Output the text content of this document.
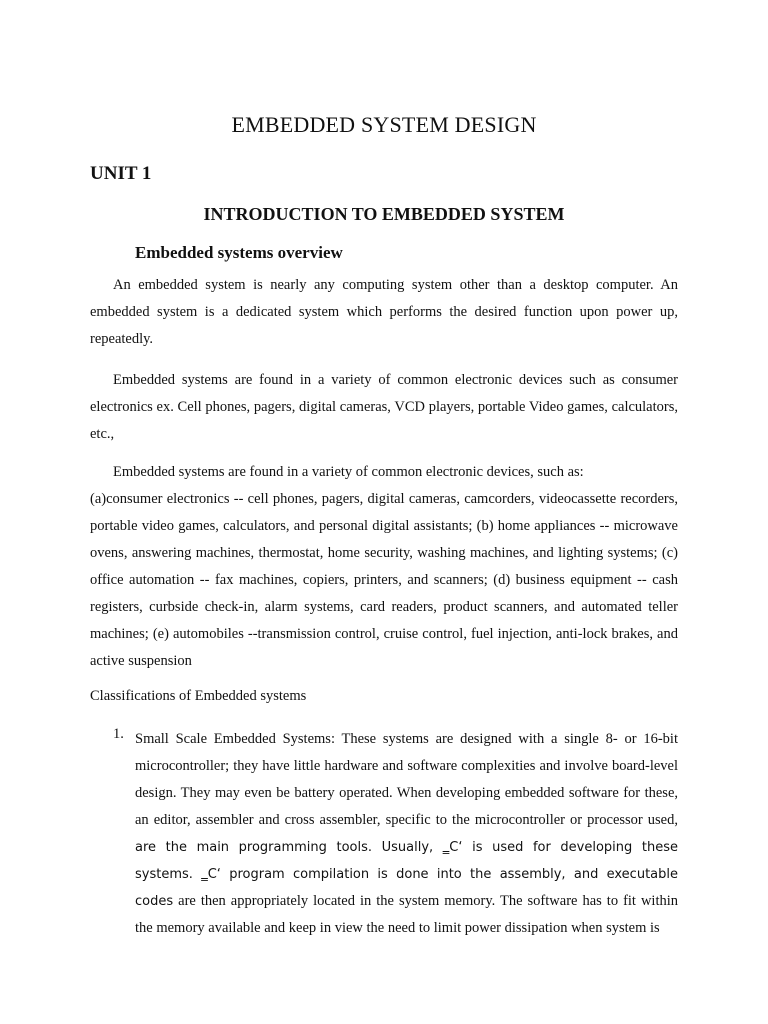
EMBEDDED SYSTEM DESIGN
UNIT 1
INTRODUCTION TO EMBEDDED SYSTEM
Embedded systems overview

An embedded system is nearly any computing system other than a desktop computer. An embedded system is a dedicated system which performs the desired function upon power up, repeatedly.

Embedded systems are found in a variety of common electronic devices such as consumer electronics ex. Cell phones, pagers, digital cameras, VCD players, portable Video games, calculators, etc.,

Embedded systems are found in a variety of common electronic devices, such as:
(a)consumer electronics -- cell phones, pagers, digital cameras, camcorders, videocassette recorders, portable video games, calculators, and personal digital assistants; (b) home appliances -- microwave ovens, answering machines, thermostat, home security, washing machines, and lighting systems; (c) office automation -- fax machines, copiers, printers, and scanners; (d) business equipment -- cash registers, curbside check-in, alarm systems, card readers, product scanners, and automated teller machines; (e) automobiles --transmission control, cruise control, fuel injection, anti-lock brakes, and active suspension
Classifications of Embedded systems
1. Small Scale Embedded Systems: These systems are designed with a single 8- or 16-bit microcontroller; they have little hardware and software complexities and involve board-level design. They may even be battery operated. When developing embedded software for these, an editor, assembler and cross assembler, specific to the microcontroller or processor used, are the main programming tools. Usually, ‗C‘ is used for developing these systems. ‗C‘ program compilation is done into the assembly, and executable codes are then appropriately located in the system memory. The software has to fit within the memory available and keep in view the need to limit power dissipation when system is
